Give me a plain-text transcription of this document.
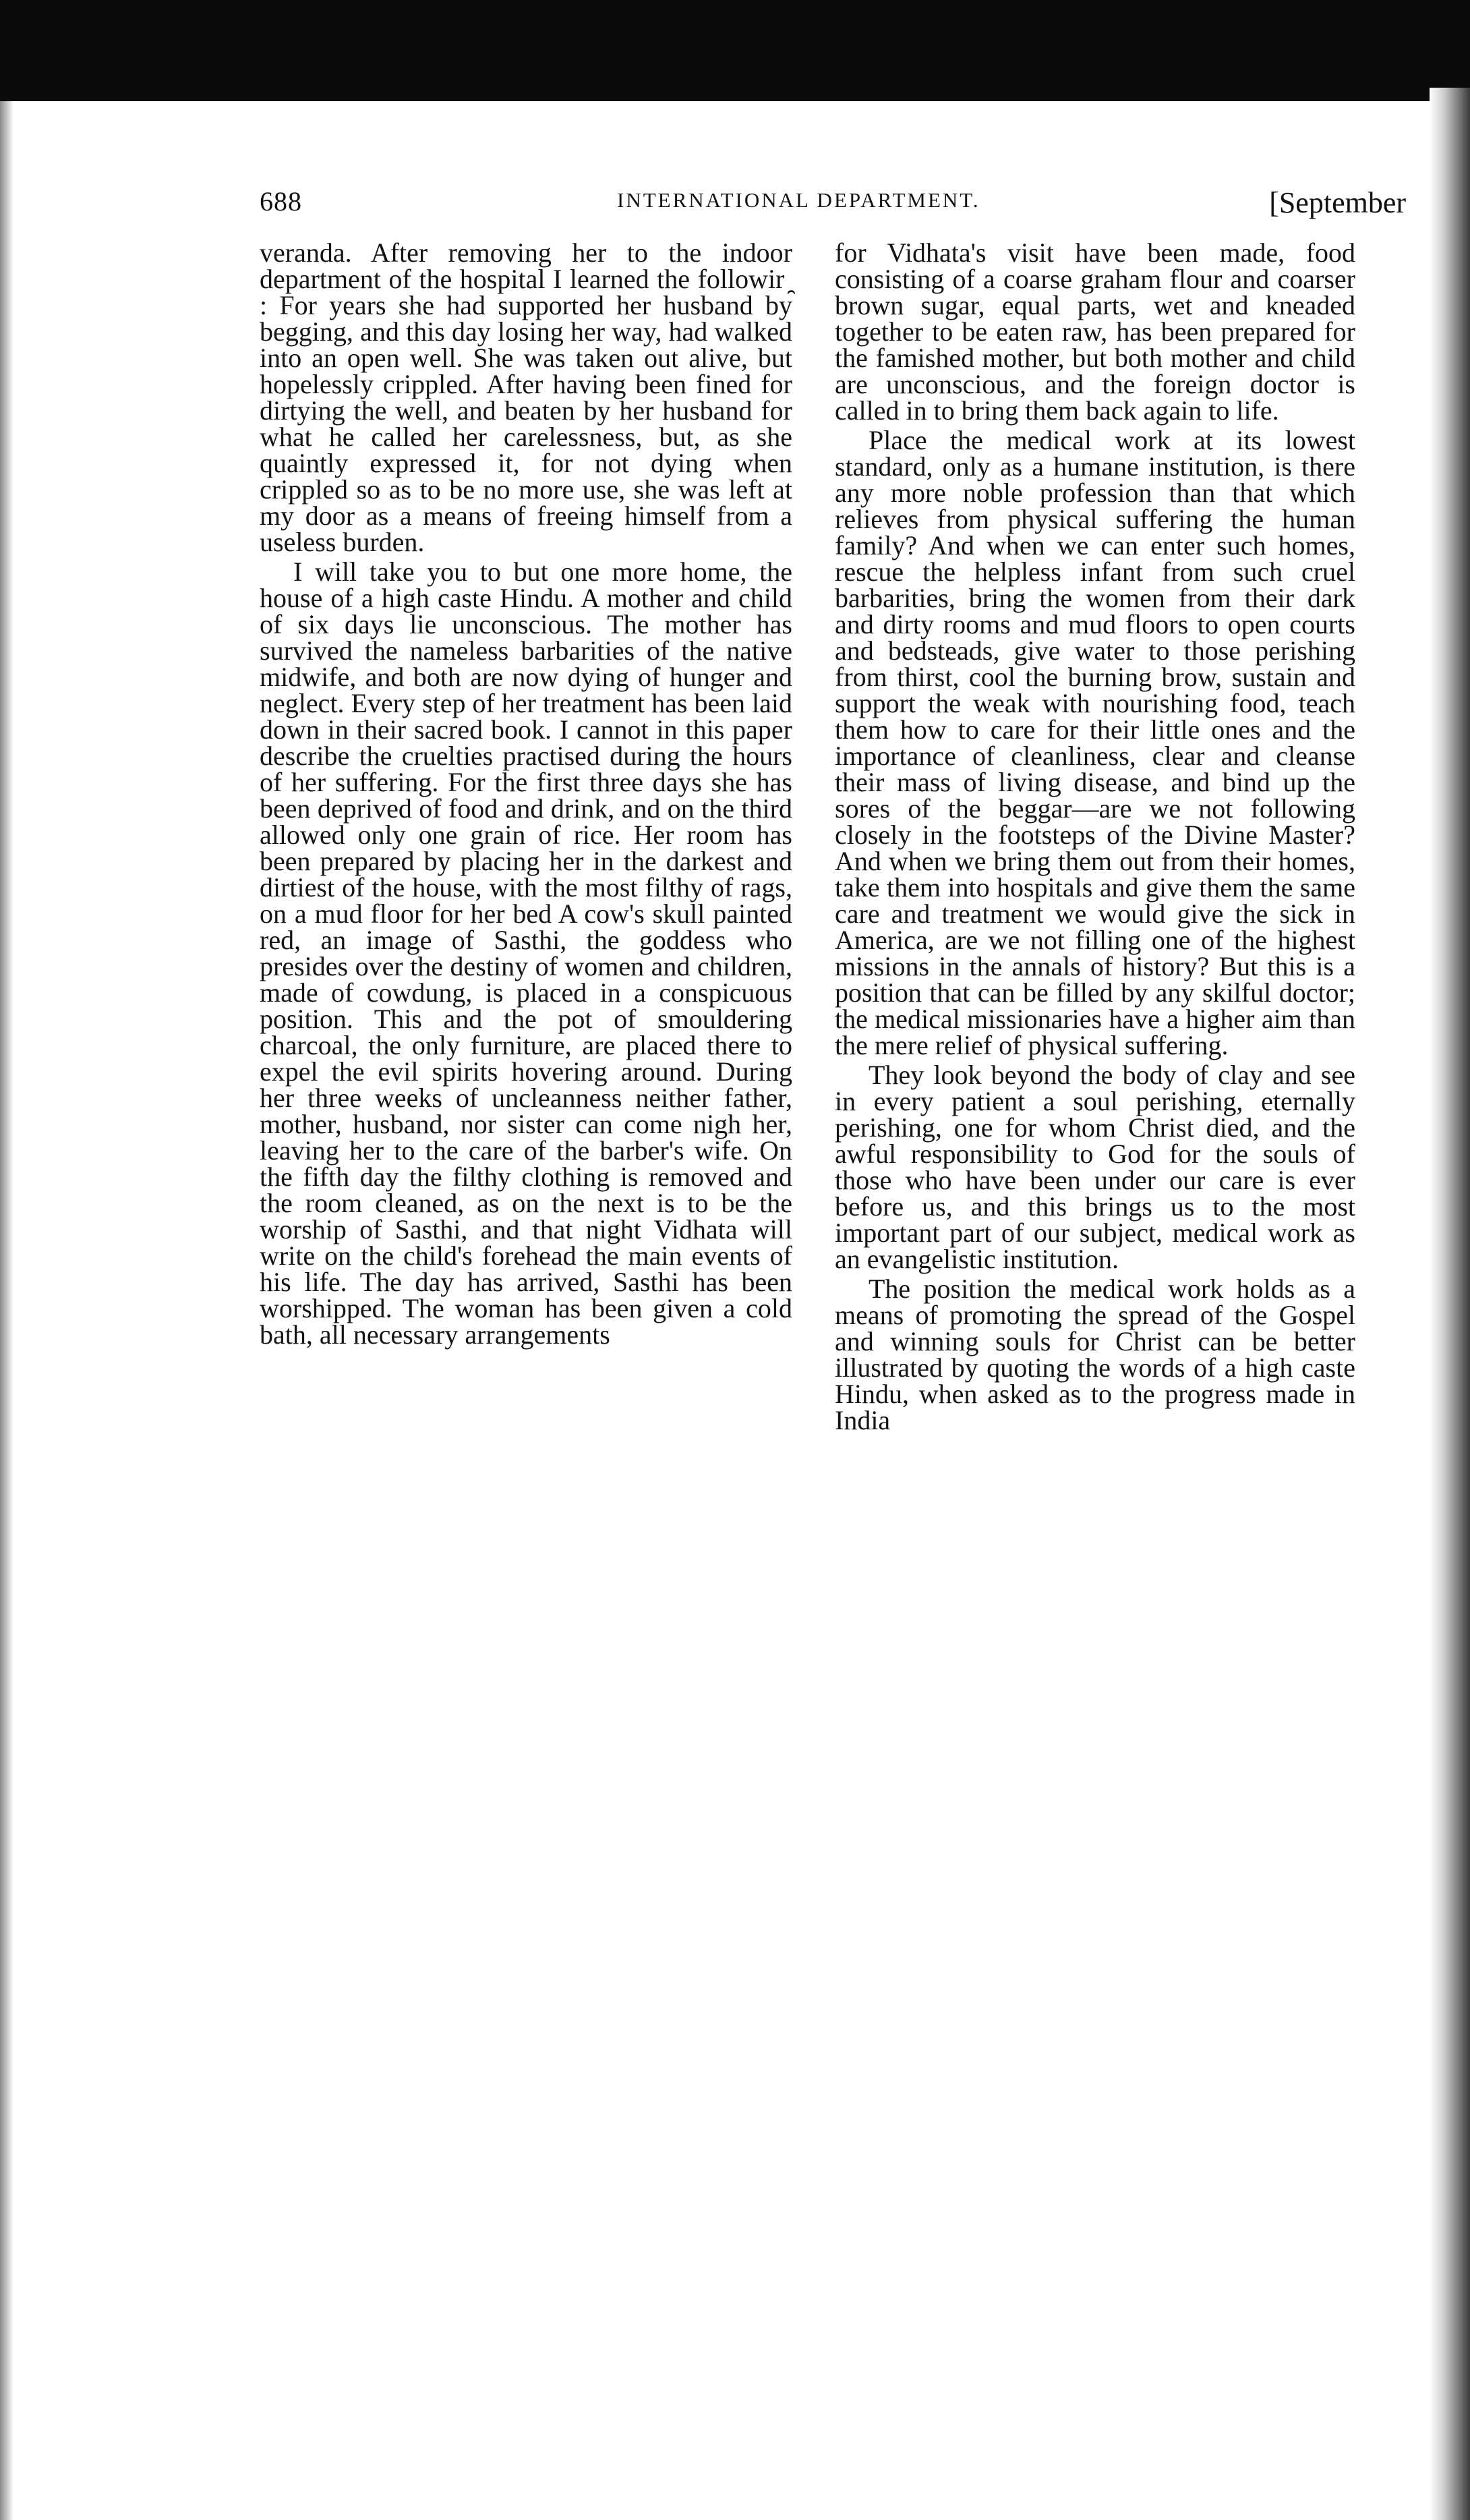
688	INTERNATIONAL DEPARTMENT.	[September

veranda. After removing her to the indoor department of the hospital I learned the followir ̯ : For years she had supported her husband by begging, and this day losing her way, had walked into an open well. She was taken out alive, but hopelessly crippled. After having been fined for dirtying the well, and beaten by her husband for what he called her carelessness, but, as she quaintly expressed it, for not dying when crippled so as to be no more use, she was left at my door as a means of freeing himself from a useless burden.

I will take you to but one more home, the house of a high caste Hindu. A mother and child of six days lie unconscious. The mother has survived the nameless barbarities of the native midwife, and both are now dying of hunger and neglect. Every step of her treatment has been laid down in their sacred book. I cannot in this paper describe the cruelties practised during the hours of her suffering. For the first three days she has been deprived of food and drink, and on the third allowed only one grain of rice. Her room has been prepared by placing her in the darkest and dirtiest of the house, with the most filthy of rags, on a mud floor for her bed A cow's skull painted red, an image of Sasthi, the goddess who presides over the destiny of women and children, made of cowdung, is placed in a conspicuous position. This and the pot of smouldering charcoal, the only furniture, are placed there to expel the evil spirits hovering around. During her three weeks of uncleanness neither father, mother, husband, nor sister can come nigh her, leaving her to the care of the barber's wife. On the fifth day the filthy clothing is removed and the room cleaned, as on the next is to be the worship of Sasthi, and that night Vidhata will write on the child's forehead the main events of his life. The day has arrived, Sasthi has been worshipped. The woman has been given a cold bath, all necessary arrangements

for Vidhata's visit have been made, food consisting of a coarse graham flour and coarser brown sugar, equal parts, wet and kneaded together to be eaten raw, has been prepared for the famished mother, but both mother and child are unconscious, and the foreign doctor is called in to bring them back again to life.

Place the medical work at its lowest standard, only as a humane institution, is there any more noble profession than that which relieves from physical suffering the human family? And when we can enter such homes, rescue the helpless infant from such cruel barbarities, bring the women from their dark and dirty rooms and mud floors to open courts and bedsteads, give water to those perishing from thirst, cool the burning brow, sustain and support the weak with nourishing food, teach them how to care for their little ones and the importance of cleanliness, clear and cleanse their mass of living disease, and bind up the sores of the beggar—are we not following closely in the footsteps of the Divine Master? And when we bring them out from their homes, take them into hospitals and give them the same care and treatment we would give the sick in America, are we not filling one of the highest missions in the annals of history? But this is a position that can be filled by any skilful doctor; the medical missionaries have a higher aim than the mere relief of physical suffering.

They look beyond the body of clay and see in every patient a soul perishing, eternally perishing, one for whom Christ died, and the awful responsibility to God for the souls of those who have been under our care is ever before us, and this brings us to the most important part of our subject, medical work as an evangelistic institution.

The position the medical work holds as a means of promoting the spread of the Gospel and winning souls for Christ can be better illustrated by quoting the words of a high caste Hindu, when asked as to the progress made in India
